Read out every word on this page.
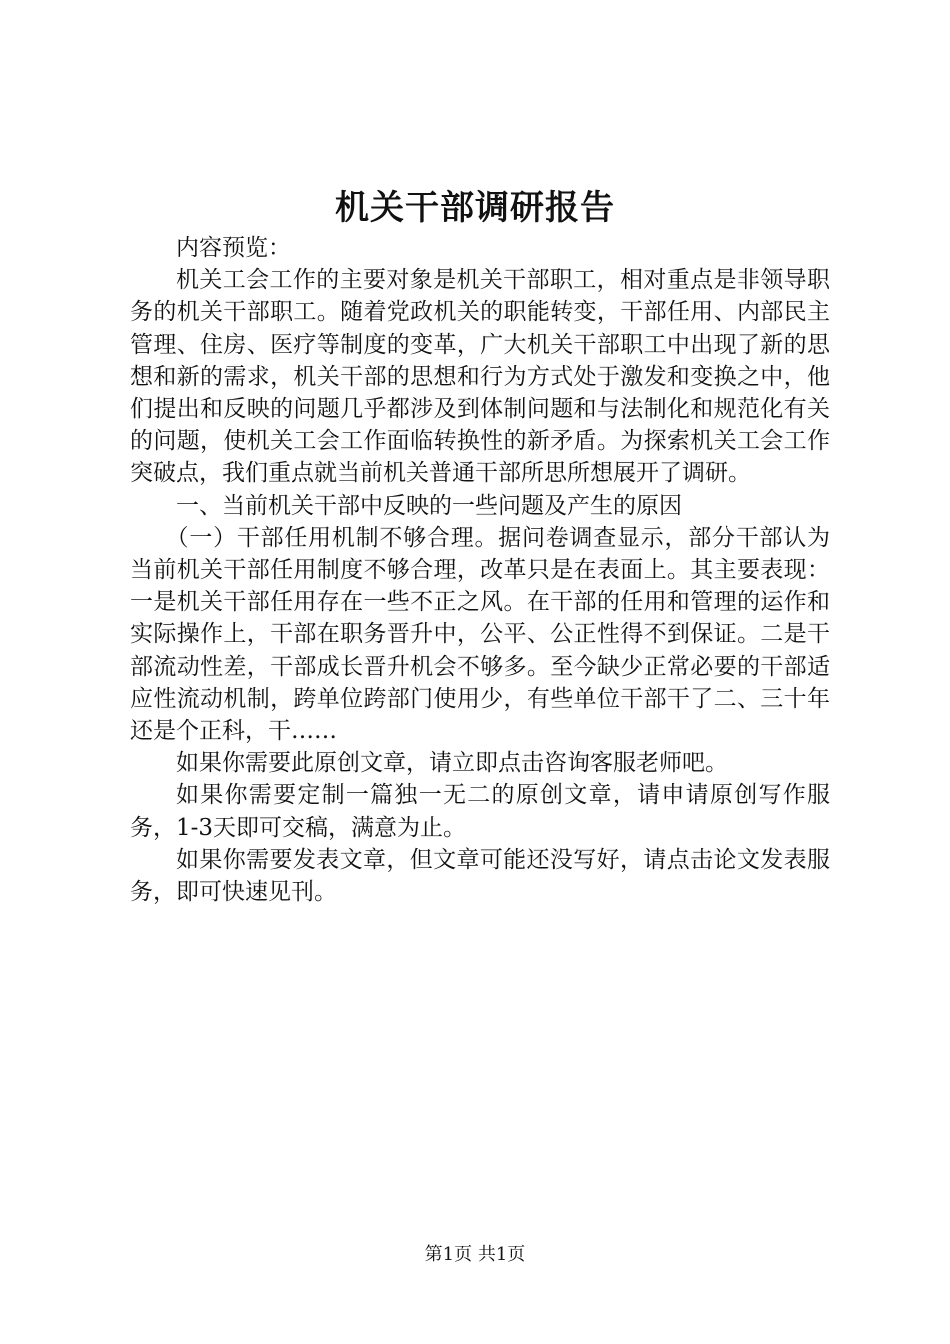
机关干部调研报告

内容预览：

机关工会工作的主要对象是机关干部职工，相对重点是非领导职务的机关干部职工。随着党政机关的职能转变，干部任用、内部民主管理、住房、医疗等制度的变革，广大机关干部职工中出现了新的思想和新的需求，机关干部的思想和行为方式处于激发和变换之中，他们提出和反映的问题几乎都涉及到体制问题和与法制化和规范化有关的问题，使机关工会工作面临转换性的新矛盾。为探索机关工会工作突破点，我们重点就当前机关普通干部所思所想展开了调研。

一、当前机关干部中反映的一些问题及产生的原因

（一）干部任用机制不够合理。据问卷调查显示，部分干部认为当前机关干部任用制度不够合理，改革只是在表面上。其主要表现：一是机关干部任用存在一些不正之风。在干部的任用和管理的运作和实际操作上，干部在职务晋升中，公平、公正性得不到保证。二是干部流动性差，干部成长晋升机会不够多。至今缺少正常必要的干部适应性流动机制，跨单位跨部门使用少，有些单位干部干了二、三十年还是个正科，干……

如果你需要此原创文章，请立即点击咨询客服老师吧。

如果你需要定制一篇独一无二的原创文章，请申请原创写作服务，1-3天即可交稿，满意为止。

如果你需要发表文章，但文章可能还没写好，请点击论文发表服务，即可快速见刊。

第1页 共1页
